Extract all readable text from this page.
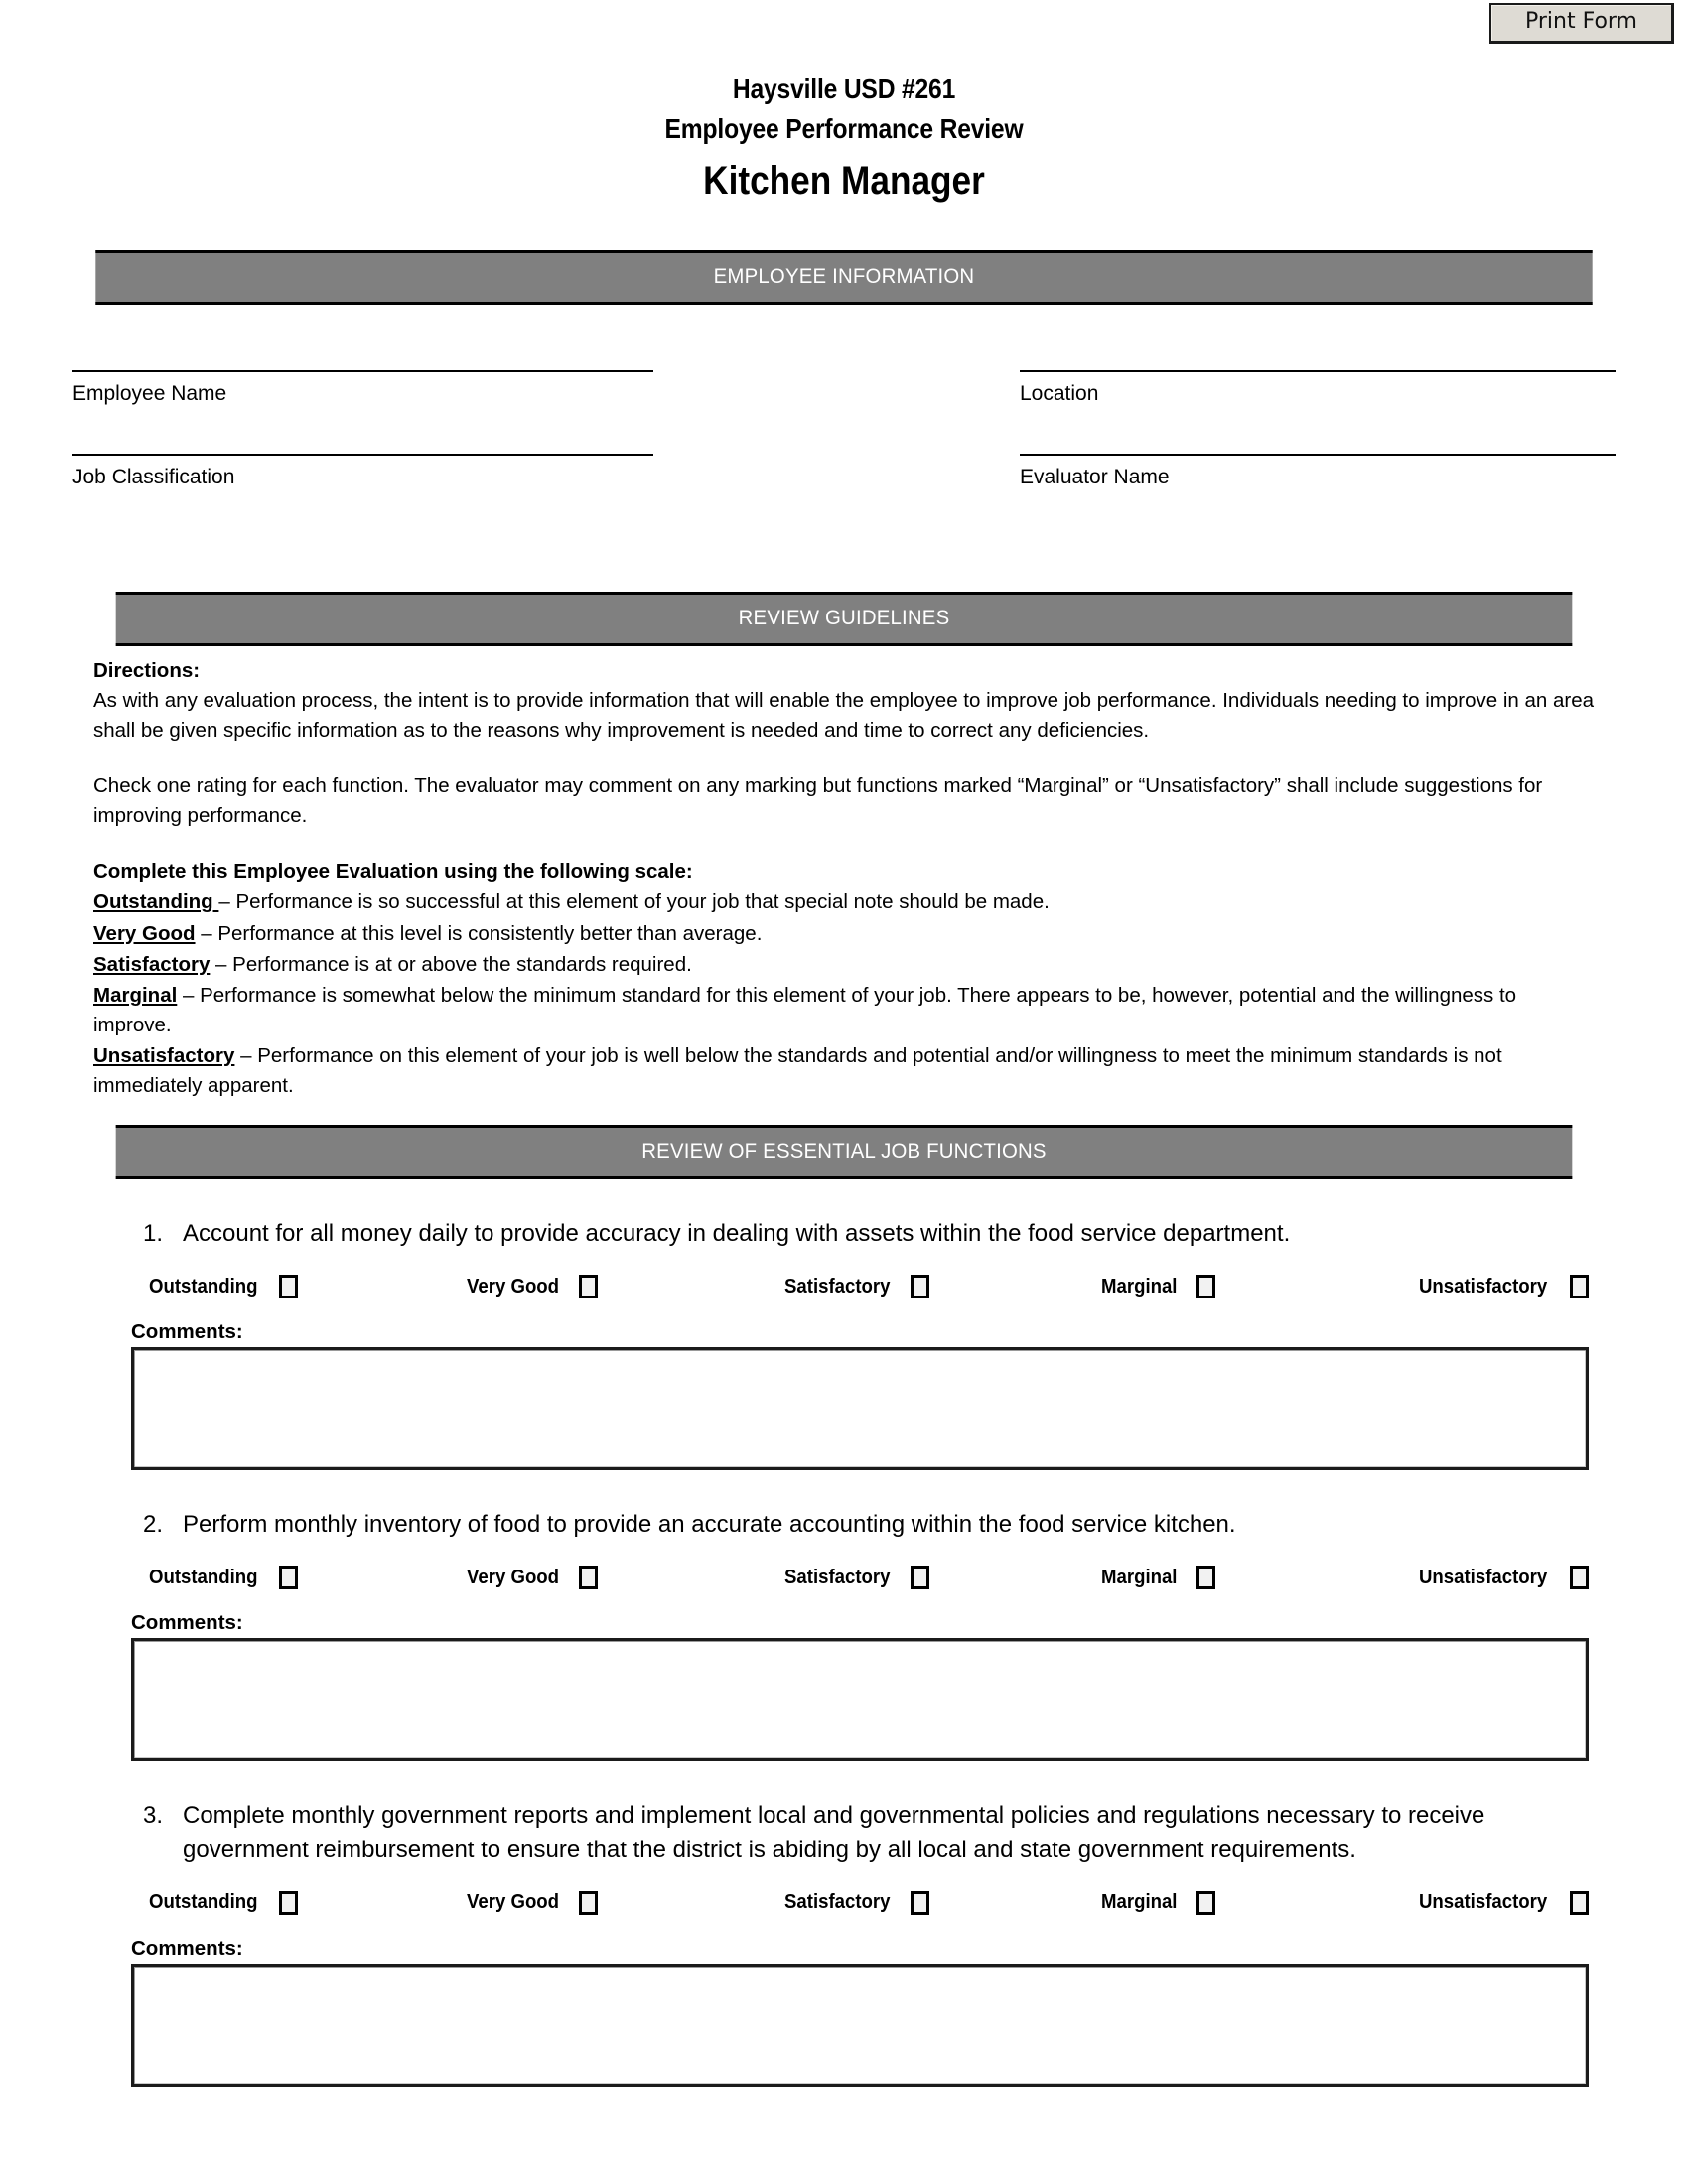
Print Form
Haysville USD #261
Employee Performance Review
Kitchen Manager
EMPLOYEE INFORMATION
Employee Name
Job Classification
Location
Evaluator Name
REVIEW GUIDELINES
Directions:
As with any evaluation process, the intent is to provide information that will enable the employee to improve job performance. Individuals needing to improve in an area shall be given specific information as to the reasons why improvement is needed and time to correct any deficiencies.
Check one rating for each function. The evaluator may comment on any marking but functions marked “Marginal” or “Unsatisfactory” shall include suggestions for improving performance.
Complete this Employee Evaluation using the following scale:
Outstanding – Performance is so successful at this element of your job that special note should be made.
Very Good – Performance at this level is consistently better than average.
Satisfactory – Performance is at or above the standards required.
Marginal – Performance is somewhat below the minimum standard for this element of your job. There appears to be, however, potential and the willingness to improve.
Unsatisfactory – Performance on this element of your job is well below the standards and potential and/or willingness to meet the minimum standards is not immediately apparent.
REVIEW OF ESSENTIAL JOB FUNCTIONS
1. Account for all money daily to provide accuracy in dealing with assets within the food service department.
Outstanding	Very Good	Satisfactory	Marginal	Unsatisfactory
Comments:
2. Perform monthly inventory of food to provide an accurate accounting within the food service kitchen.
Outstanding	Very Good	Satisfactory	Marginal	Unsatisfactory
Comments:
3. Complete monthly government reports and implement local and governmental policies and regulations necessary to receive government reimbursement to ensure that the district is abiding by all local and state government requirements.
Outstanding	Very Good	Satisfactory	Marginal	Unsatisfactory
Comments:
